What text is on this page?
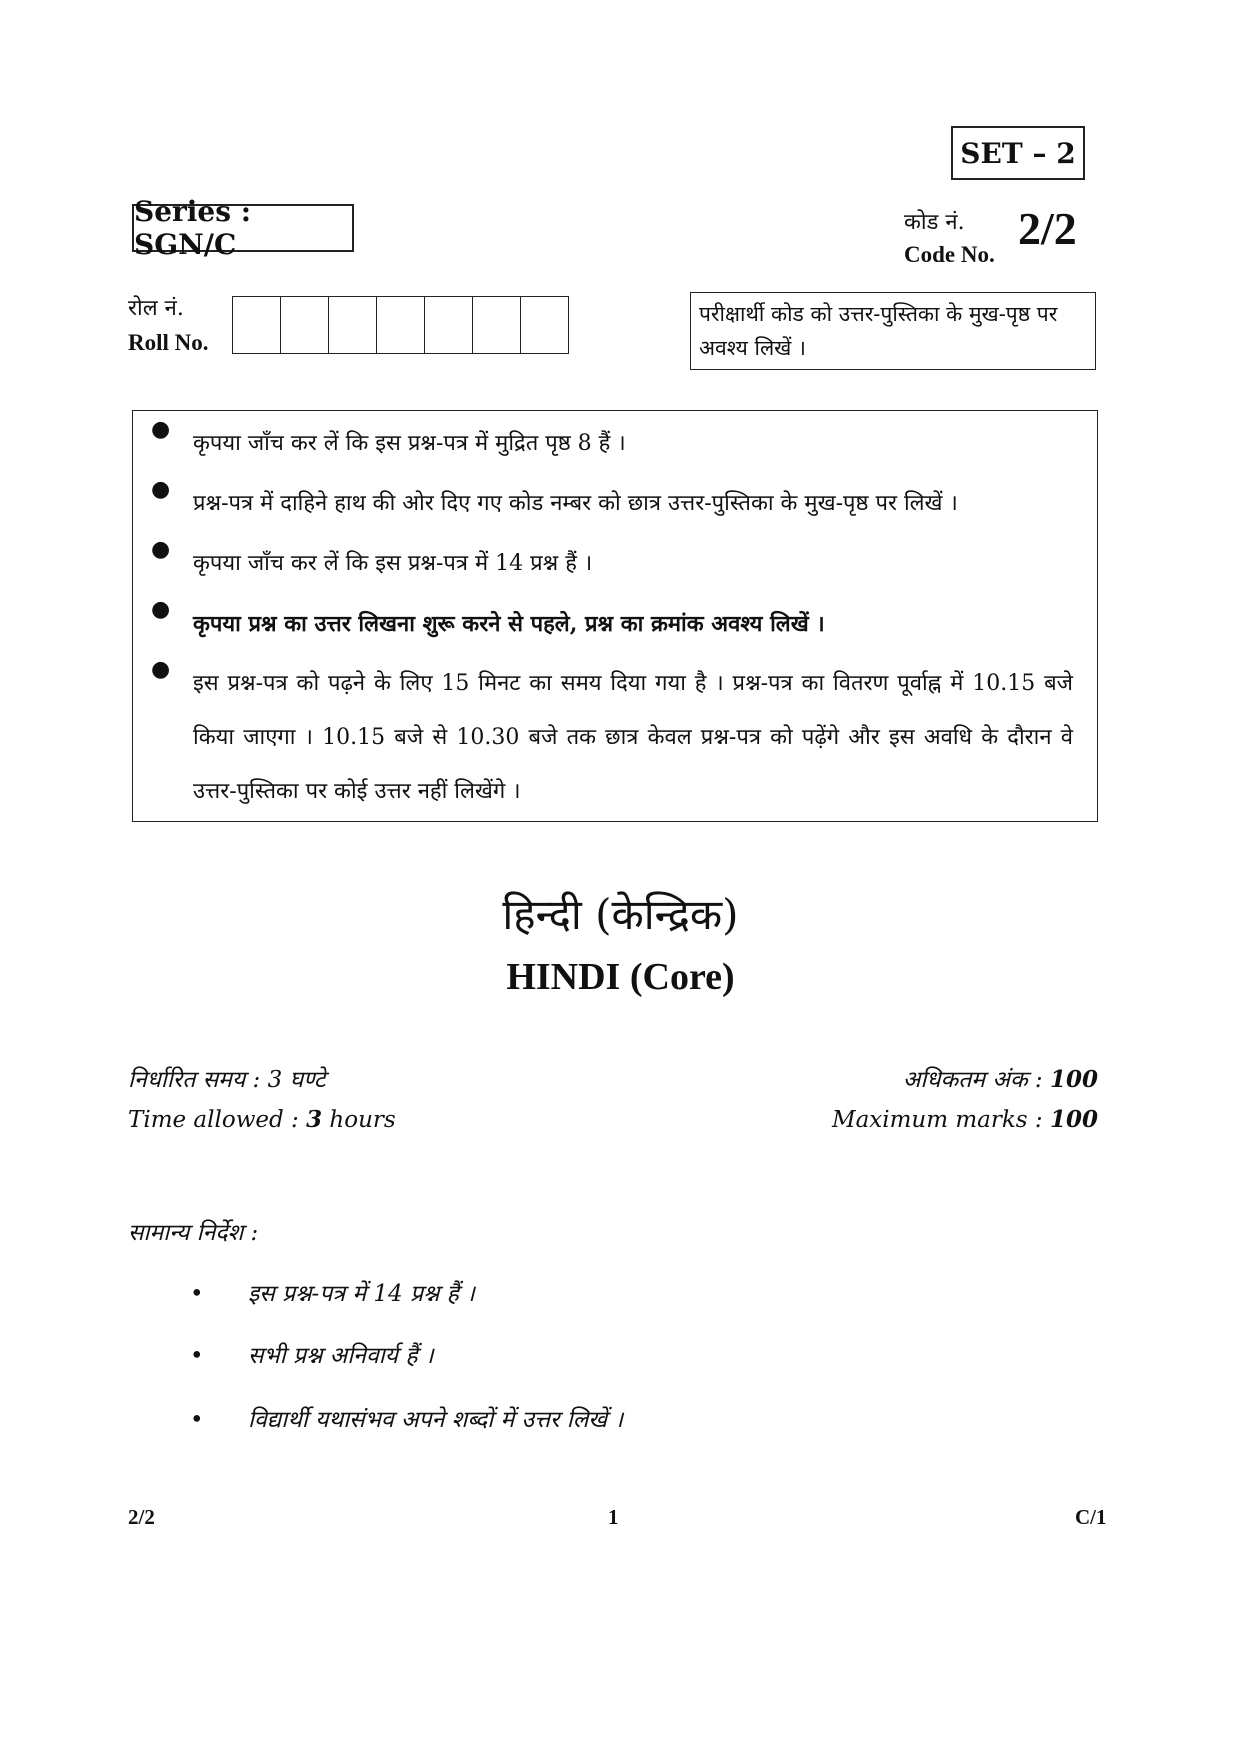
SET – 2
Series : SGN/C
कोड नं.
Code No.
2/2
रोल नं.
Roll No.
परीक्षार्थी कोड को उत्तर-पुस्तिका के मुख-पृष्ठ पर अवश्य लिखें ।
●
कृपया जाँच कर लें कि इस प्रश्न-पत्र में मुद्रित पृष्ठ 8 हैं ।
●
प्रश्न-पत्र में दाहिने हाथ की ओर दिए गए कोड नम्बर को छात्र उत्तर-पुस्तिका के मुख-पृष्ठ पर लिखें ।
●
कृपया जाँच कर लें कि इस प्रश्न-पत्र में 14 प्रश्न हैं ।
●
कृपया प्रश्न का उत्तर लिखना शुरू करने से पहले, प्रश्न का क्रमांक अवश्य लिखें ।
●
इस प्रश्न-पत्र को पढ़ने के लिए 15 मिनट का समय दिया गया है । प्रश्न-पत्र का वितरण पूर्वाह्न में 10.15 बजे किया जाएगा । 10.15 बजे से 10.30 बजे तक छात्र केवल प्रश्न-पत्र को पढ़ेंगे और इस अवधि के दौरान वे उत्तर-पुस्तिका पर कोई उत्तर नहीं लिखेंगे ।
हिन्दी (केन्द्रिक)
HINDI (Core)
निर्धारित समय : 3 घण्टे
Time allowed : 3 hours
अधिकतम अंक : 100
Maximum marks : 100
सामान्य निर्देश :
• इस प्रश्न-पत्र में 14 प्रश्न हैं ।
• सभी प्रश्न अनिवार्य हैं ।
• विद्यार्थी यथासंभव अपने शब्दों में उत्तर लिखें ।
2/2	1	C/1
